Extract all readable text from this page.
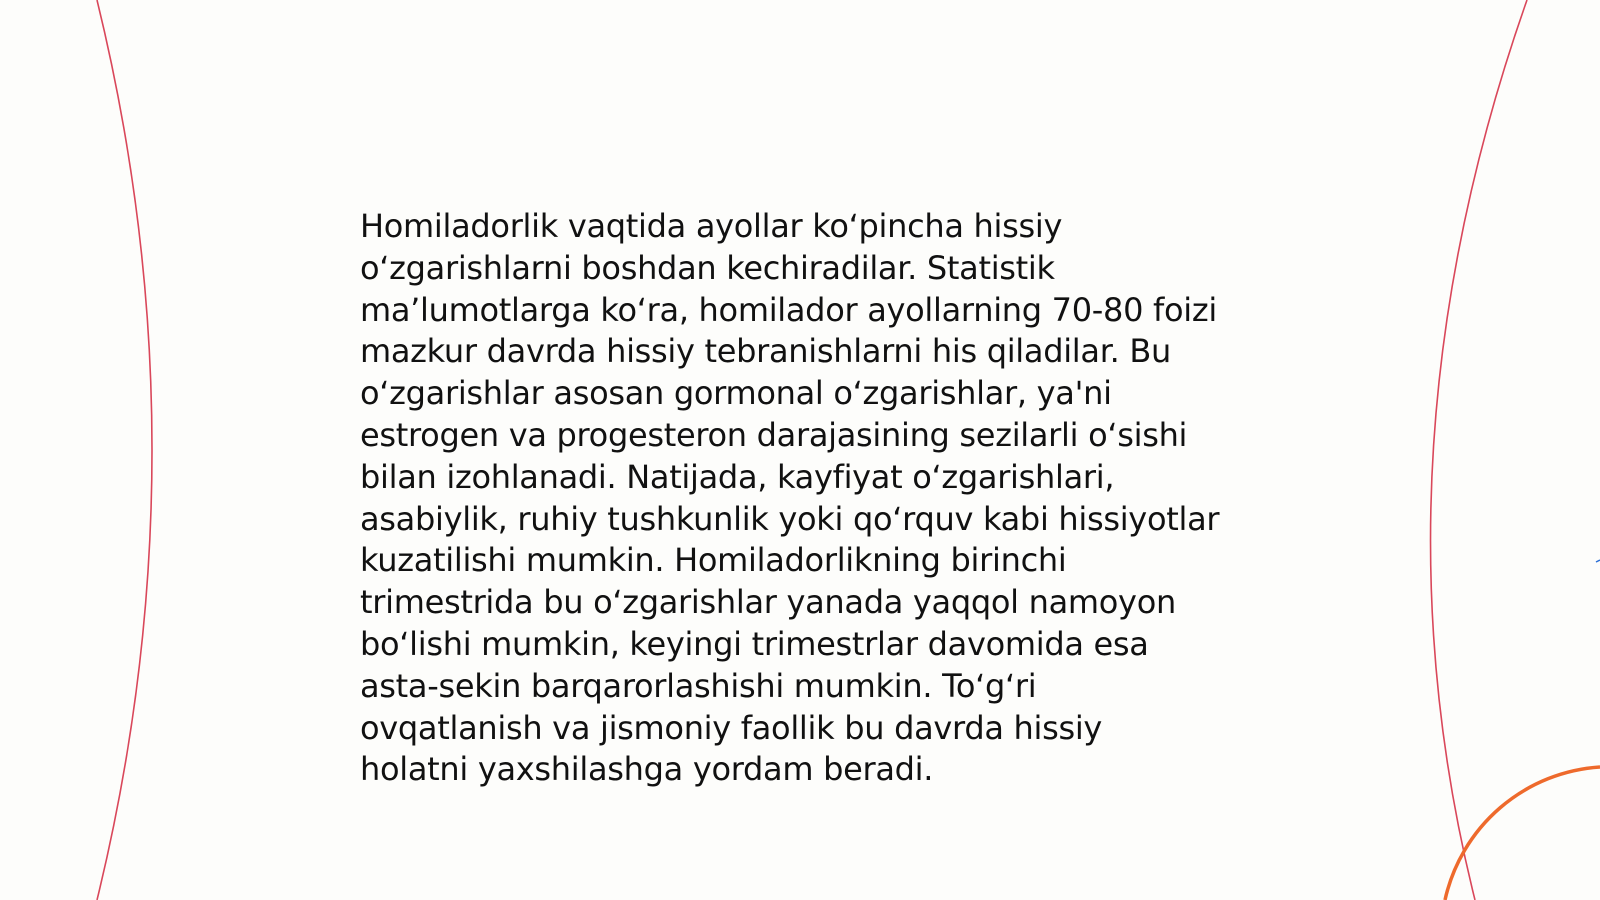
Homiladorlik vaqtida ayollar ko‘pincha hissiy
o‘zgarishlarni boshdan kechiradilar. Statistik
ma’lumotlarga ko‘ra, homilador ayollarning 70-80 foizi
mazkur davrda hissiy tebranishlarni his qiladilar. Bu
o‘zgarishlar asosan gormonal o‘zgarishlar, ya'ni
estrogen va progesteron darajasining sezilarli o‘sishi
bilan izohlanadi. Natijada, kayfiyat o‘zgarishlari,
asabiylik, ruhiy tushkunlik yoki qo‘rquv kabi hissiyotlar
kuzatilishi mumkin. Homiladorlikning birinchi
trimestrida bu o‘zgarishlar yanada yaqqol namoyon
bo‘lishi mumkin, keyingi trimestrlar davomida esa
asta-sekin barqarorlashishi mumkin. To‘g‘ri
ovqatlanish va jismoniy faollik bu davrda hissiy
holatni yaxshilashga yordam beradi.
